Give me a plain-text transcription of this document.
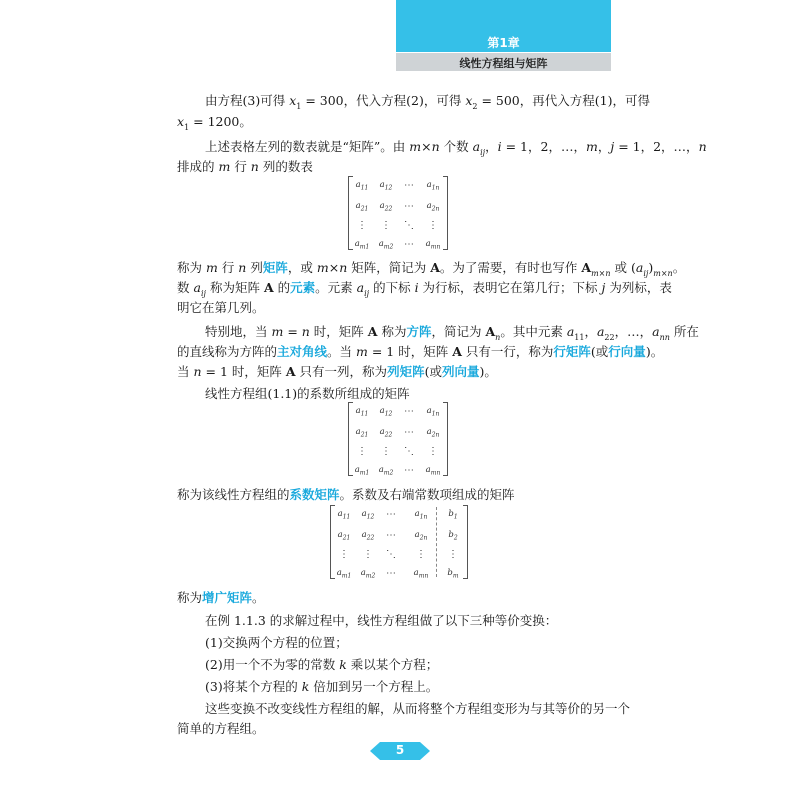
第1章
线性方程组与矩阵
由方程(3)可得 $x_1 = 300$，代入方程(2)，可得 $x_2 = 500$，再代入方程(1)，可得
$x_1 = 1200$。
上述表格左列的数表就是“矩阵”。由 m×n 个数 $a_{ij}$，i = 1，2，…，m，j = 1，2，…，n
排成的 m 行 n 列的数表
$a_{11}$	$a_{12}$	⋯	$a_{1n}$
$a_{21}$	$a_{22}$	⋯	$a_{2n}$
⋮	⋮	⋱	⋮
$a_{m1}$	$a_{m2}$	⋯	$a_{mn}$
称为 m 行 n 列矩阵，或 m×n 矩阵，简记为 A。为了需要，有时也写作 $A_{m\times n}$ 或 $(a_{ij})_{m\times n}$。
数 $a_{ij}$ 称为矩阵 A 的元素。元素 $a_{ij}$ 的下标 i 为行标，表明它在第几行；下标 j 为列标，表
明它在第几列。
特别地，当 m = n 时，矩阵 A 称为方阵，简记为 $A_n$。其中元素 $a_{11}$，$a_{22}$，…，$a_{nn}$ 所在
的直线称为方阵的主对角线。当 m = 1 时，矩阵 A 只有一行，称为行矩阵(或行向量)。
当 n = 1 时，矩阵 A 只有一列，称为列矩阵(或列向量)。
线性方程组(1.1)的系数所组成的矩阵
$a_{11}$	$a_{12}$	⋯	$a_{1n}$
$a_{21}$	$a_{22}$	⋯	$a_{2n}$
⋮	⋮	⋱	⋮
$a_{m1}$	$a_{m2}$	⋯	$a_{mn}$
称为该线性方程组的系数矩阵。系数及右端常数项组成的矩阵
$a_{11}$	$a_{12}$	⋯	$a_{1n}$	$b_1$
$a_{21}$	$a_{22}$	⋯	$a_{2n}$	$b_2$
⋮	⋮	⋱	⋮	⋮
$a_{m1}$	$a_{m2}$	⋯	$a_{mn}$	$b_m$
称为增广矩阵。
在例 1.1.3 的求解过程中，线性方程组做了以下三种等价变换：
(1)交换两个方程的位置；
(2)用一个不为零的常数 k 乘以某个方程；
(3)将某个方程的 k 倍加到另一个方程上。
这些变换不改变线性方程组的解，从而将整个方程组变形为与其等价的另一个
简单的方程组。
5
